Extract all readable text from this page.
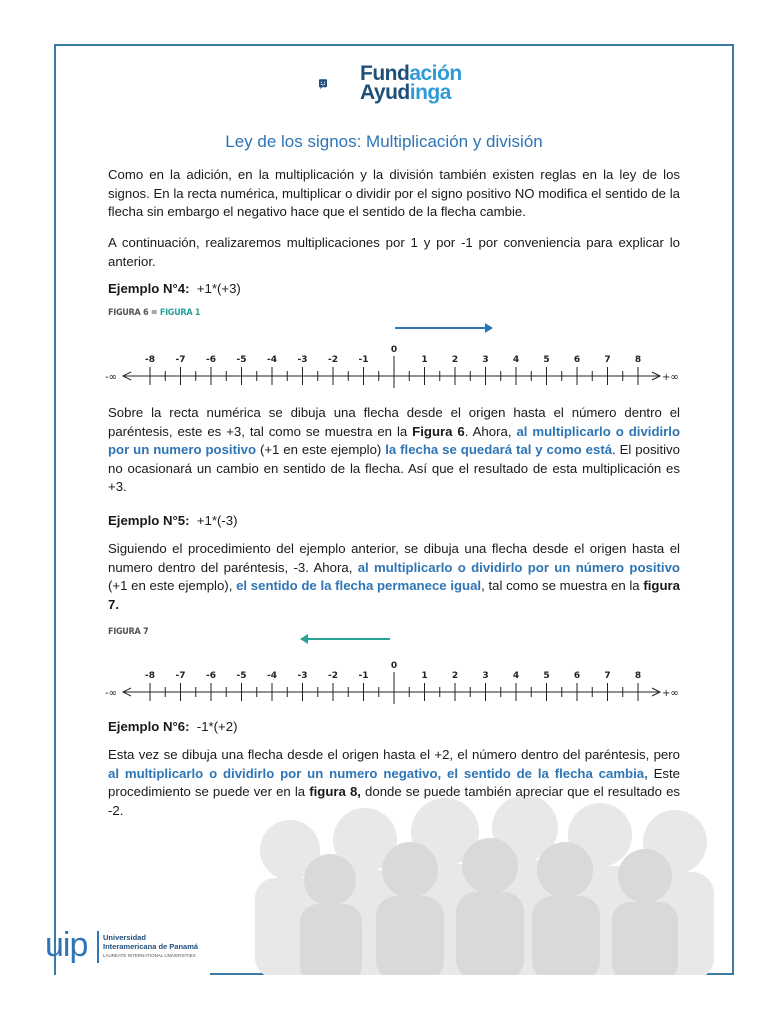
Fundación
Ayudinga
Ley de los signos: Multiplicación y división

Como en la adición, en la multiplicación y la división también existen reglas en la ley de los signos. En la recta numérica, multiplicar o dividir por el signo positivo NO modifica el sentido de la flecha sin embargo el negativo hace que el sentido de la flecha cambie.

A continuación, realizaremos multiplicaciones por 1 y por -1 por conveniencia para explicar lo anterior.

Ejemplo N°4: +1*(+3)

FIGURA 6 = FIGURA 1
-∞	+∞
-8 -7 -6 -5 -4 -3 -2 -1
0
1	2	3	4	5	6	7	8

Sobre la recta numérica se dibuja una flecha desde el origen hasta el número dentro el paréntesis, este es +3, tal como se muestra en la Figura 6. Ahora, al multiplicarlo o dividirlo por un numero positivo (+1 en este ejemplo) la flecha se quedará tal y como está. El positivo no ocasionará un cambio en sentido de la flecha. Así que el resultado de esta multiplicación es +3.

Ejemplo N°5: +1*(-3)

Siguiendo el procedimiento del ejemplo anterior, se dibuja una flecha desde el origen hasta el numero dentro del paréntesis, -3. Ahora, al multiplicarlo o dividirlo por un número positivo (+1 en este ejemplo), el sentido de la flecha permanece igual, tal como se muestra en la figura 7.

FIGURA 7
-∞	+∞
-8 -7 -6 -5 -4 -3 -2 -1
0
1	2	3	4	5	6	7	8

Ejemplo N°6: -1*(+2)

Esta vez se dibuja una flecha desde el origen hasta el +2, el número dentro del paréntesis, pero al multiplicarlo o dividirlo por un numero negativo, el sentido de la flecha cambia, Este procedimiento se puede ver en la figura 8, donde se puede también apreciar que el resultado es -2.

uip Universidad
Interamericana de Panamá
LAUREATE INTERNATIONAL UNIVERSITIES
